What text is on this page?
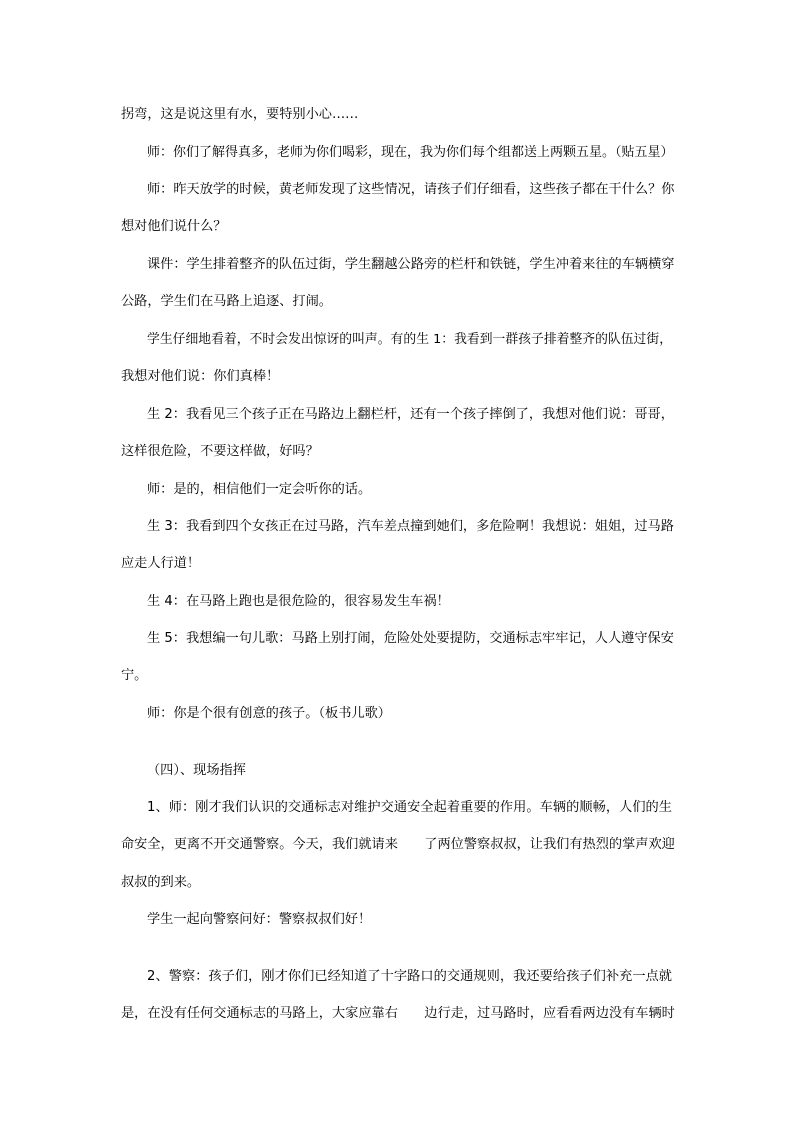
拐弯，这是说这里有水，要特别小心……
师：你们了解得真多，老师为你们喝彩，现在，我为你们每个组都送上两颗五星。（贴五星）
师：昨天放学的时候，黄老师发现了这些情况，请孩子们仔细看，这些孩子都在干什么？你
想对他们说什么？
课件：学生排着整齐的队伍过街，学生翻越公路旁的栏杆和铁链，学生冲着来往的车辆横穿
公路，学生们在马路上追逐、打闹。
学生仔细地看着，不时会发出惊讶的叫声。有的生 1：我看到一群孩子排着整齐的队伍过街，
我想对他们说：你们真棒！
生 2：我看见三个孩子正在马路边上翻栏杆，还有一个孩子摔倒了，我想对他们说：哥哥，
这样很危险，不要这样做，好吗？
师：是的，相信他们一定会听你的话。
生 3：我看到四个女孩正在过马路，汽车差点撞到她们，多危险啊！我想说：姐姐，过马路
应走人行道！
生 4：在马路上跑也是很危险的，很容易发生车祸！
生 5：我想编一句儿歌：马路上别打闹，危险处处要提防，交通标志牢牢记，人人遵守保安
宁。
师：你是个很有创意的孩子。（板书儿歌）
（四）、现场指挥
1、师：刚才我们认识的交通标志对维护交通安全起着重要的作用。车辆的顺畅，人们的生
命安全，更离不开交通警察。今天，我们就请来　　了两位警察叔叔，让我们有热烈的掌声欢迎
叔叔的到来。
学生一起向警察问好：警察叔叔们好！
2、警察：孩子们，刚才你们已经知道了十字路口的交通规则，我还要给孩子们补充一点就
是，在没有任何交通标志的马路上，大家应靠右　　边行走，过马路时，应看看两边没有车辆时
